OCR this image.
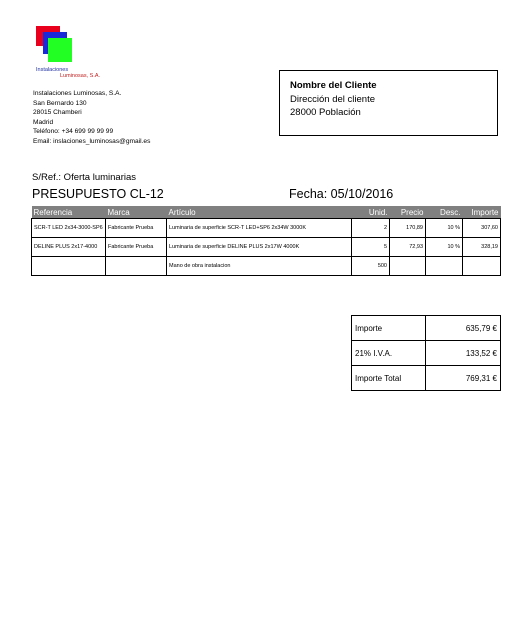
Instalaciones
Luminosas, S.A.
Instalaciones Luminosas, S.A.
San Bernardo 130
28015 Chamberi
Madrid
Teléfono: +34 699 99 99 99
Email: inslaciones_luminosas@gmail.es
Nombre del Cliente
Dirección del cliente
28000 Población
S/Ref.: Oferta luminarias
PRESUPUESTO CL-12	Fecha: 05/10/2016
Referencia	Marca	Artículo	Unid.	Precio	Desc.	Importe
SCR-T LED 2x34-3000-SP6	Fabricante Prueba	Luminaria de superficie SCR-T LED+SP6 2x34W 3000K	2	170,89	10 %	307,60
DELINE PLUS 2x17-4000	Fabricante Prueba	Luminaria de superficie DELINE PLUS 2x17W 4000K	5	72,93	10 %	328,19
		Mano de obra instalacion	500			
Importe	635,79 €
21% I.V.A.	133,52 €
Importe Total	769,31 €
